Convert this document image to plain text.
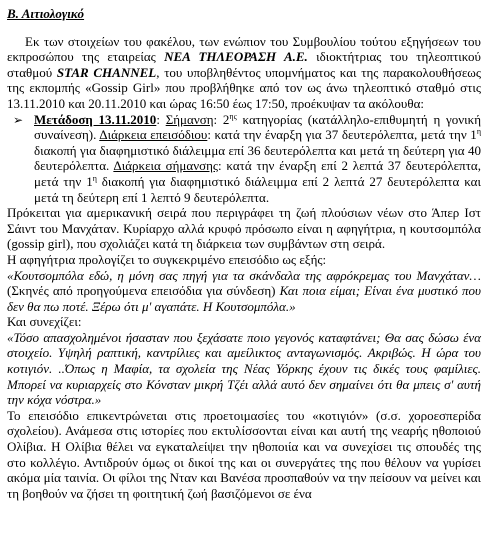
Β. Αιτιολογικό

Εκ των στοιχείων του φακέλου, των ενώπιον του Συμβουλίου τούτου εξηγήσεων του εκπροσώπου της εταιρείας ΝΕΑ ΤΗΛΕΟΡΑΣΗ Α.Ε. ιδιοκτήτριας του τηλεοπτικού σταθμού STAR CHANNEL, του υποβληθέντος υπομνήματος και της παρακολουθήσεως της εκπομπής «Gossip Girl» που προβλήθηκε από τον ως άνω τηλεοπτικό σταθμό στις 13.11.2010 και 20.11.2010 και ώρας 16:50 έως 17:50, προέκυψαν τα ακόλουθα:

➢ Μετάδοση 13.11.2010: Σήμανση: $2^{\eta\varsigma}$ κατηγορίας (κατάλληλο-επιθυμητή η γονική συναίνεση). Διάρκεια επεισόδιου: κατά την έναρξη για 37 δευτερόλεπτα, μετά την $1^\eta$ διακοπή για διαφημιστικό διάλειμμα επί 36 δευτερόλεπτα και μετά τη δεύτερη για 40 δευτερόλεπτα. Διάρκεια σήμανσης: κατά την έναρξη επί 2 λεπτά 37 δευτερόλεπτα, μετά την $1^\eta$ διακοπή για διαφημιστικό διάλειμμα επί 2 λεπτά 27 δευτερόλεπτα και μετά τη δεύτερη επί 1 λεπτό 9 δευτερόλεπτα.

Πρόκειται για αμερικανική σειρά που περιγράφει τη ζωή πλούσιων νέων στο Άπερ Ιστ Σάιντ του Μανχάταν. Κυρίαρχο αλλά κρυφό πρόσωπο είναι η αφηγήτρια, η κουτσομπόλα (gossip girl), που σχολιάζει κατά τη διάρκεια των συμβάντων στη σειρά.

Η αφηγήτρια προλογίζει το συγκεκριμένο επεισόδιο ως εξής:

«Κουτσομπόλα εδώ, η μόνη σας πηγή για τα σκάνδαλα της αφρόκρεμας του Μανχάταν… (Σκηνές από προηγούμενα επεισόδια για σύνδεση) Και ποια είμαι; Είναι ένα μυστικό που δεν θα πω ποτέ. Ξέρω ότι μ' αγαπάτε. Η Κουτσομπόλα.»

Και συνεχίζει:

«Τόσο απασχολημένοι ήσασταν που ξεχάσατε ποιο γεγονός καταφτάνει; Θα σας δώσω ένα στοιχείο. Υψηλή ραπτική, καντρίλιες και αμείλικτος ανταγωνισμός. Ακριβώς. Η ώρα του κοτιγιόν. ..Όπως η Μαφία, τα σχολεία της Νέας Υόρκης έχουν τις δικές τους φαμίλιες. Μπορεί να κυριαρχείς στο Κόνσταν μικρή Τζέι αλλά αυτό δεν σημαίνει ότι θα μπεις σ' αυτή την κόχα νόστρα.»

Το επεισόδιο επικεντρώνεται στις προετοιμασίες του «κοτιγιόν» (σ.σ. χοροεσπερίδα σχολείου). Ανάμεσα στις ιστορίες που εκτυλίσσονται είναι και αυτή της νεαρής ηθοποιού Ολίβια. Η Ολίβια θέλει να εγκαταλείψει την ηθοποιία και να συνεχίσει τις σπουδές της στο κολλέγιο. Αντιδρούν όμως οι δικοί της και οι συνεργάτες της που θέλουν να γυρίσει ακόμα μία ταινία. Οι φίλοι της Νταν και Βανέσα προσπαθούν να την πείσουν να μείνει και τη βοηθούν να ζήσει τη φοιτητική ζωή βασιζόμενοι σε ένα
